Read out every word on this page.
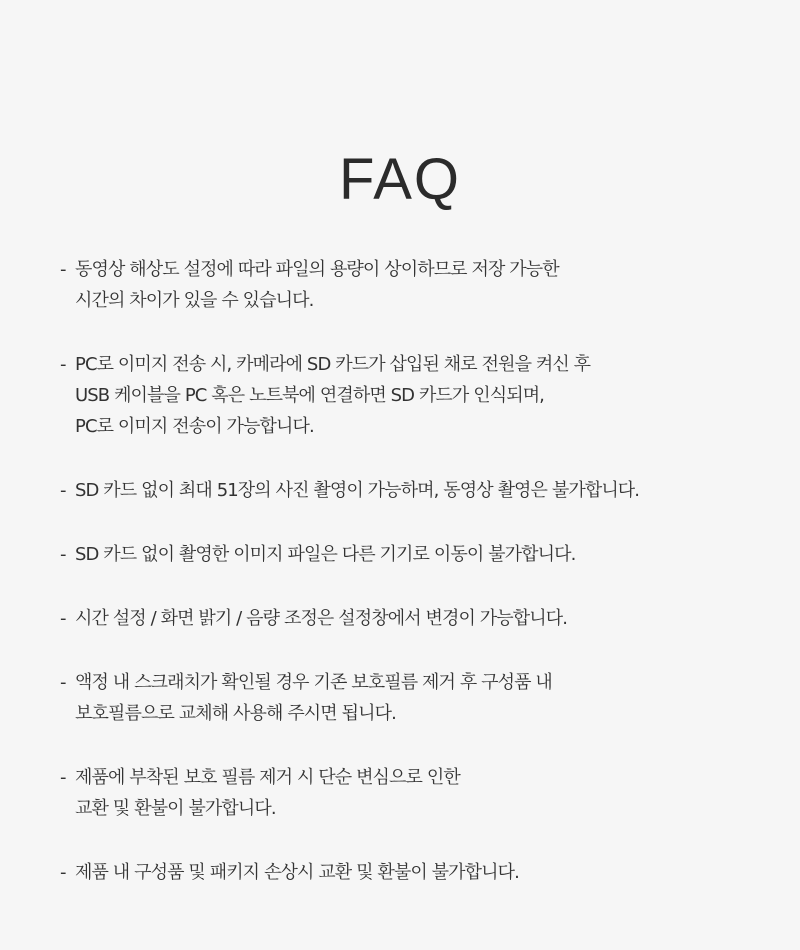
FAQ
- 동영상 해상도 설정에 따라 파일의 용량이 상이하므로 저장 가능한
시간의 차이가 있을 수 있습니다.
- PC로 이미지 전송 시, 카메라에 SD 카드가 삽입된 채로 전원을 켜신 후
USB 케이블을 PC 혹은 노트북에 연결하면 SD 카드가 인식되며,
PC로 이미지 전송이 가능합니다.
- SD 카드 없이 최대 51장의 사진 촬영이 가능하며, 동영상 촬영은 불가합니다.
- SD 카드 없이 촬영한 이미지 파일은 다른 기기로 이동이 불가합니다.
- 시간 설정 / 화면 밝기 / 음량 조정은 설정창에서 변경이 가능합니다.
- 액정 내 스크래치가 확인될 경우 기존 보호필름 제거 후 구성품 내
보호필름으로 교체해 사용해 주시면 됩니다.
- 제품에 부착된 보호 필름 제거 시 단순 변심으로 인한
교환 및 환불이 불가합니다.
- 제품 내 구성품 및 패키지 손상시 교환 및 환불이 불가합니다.
